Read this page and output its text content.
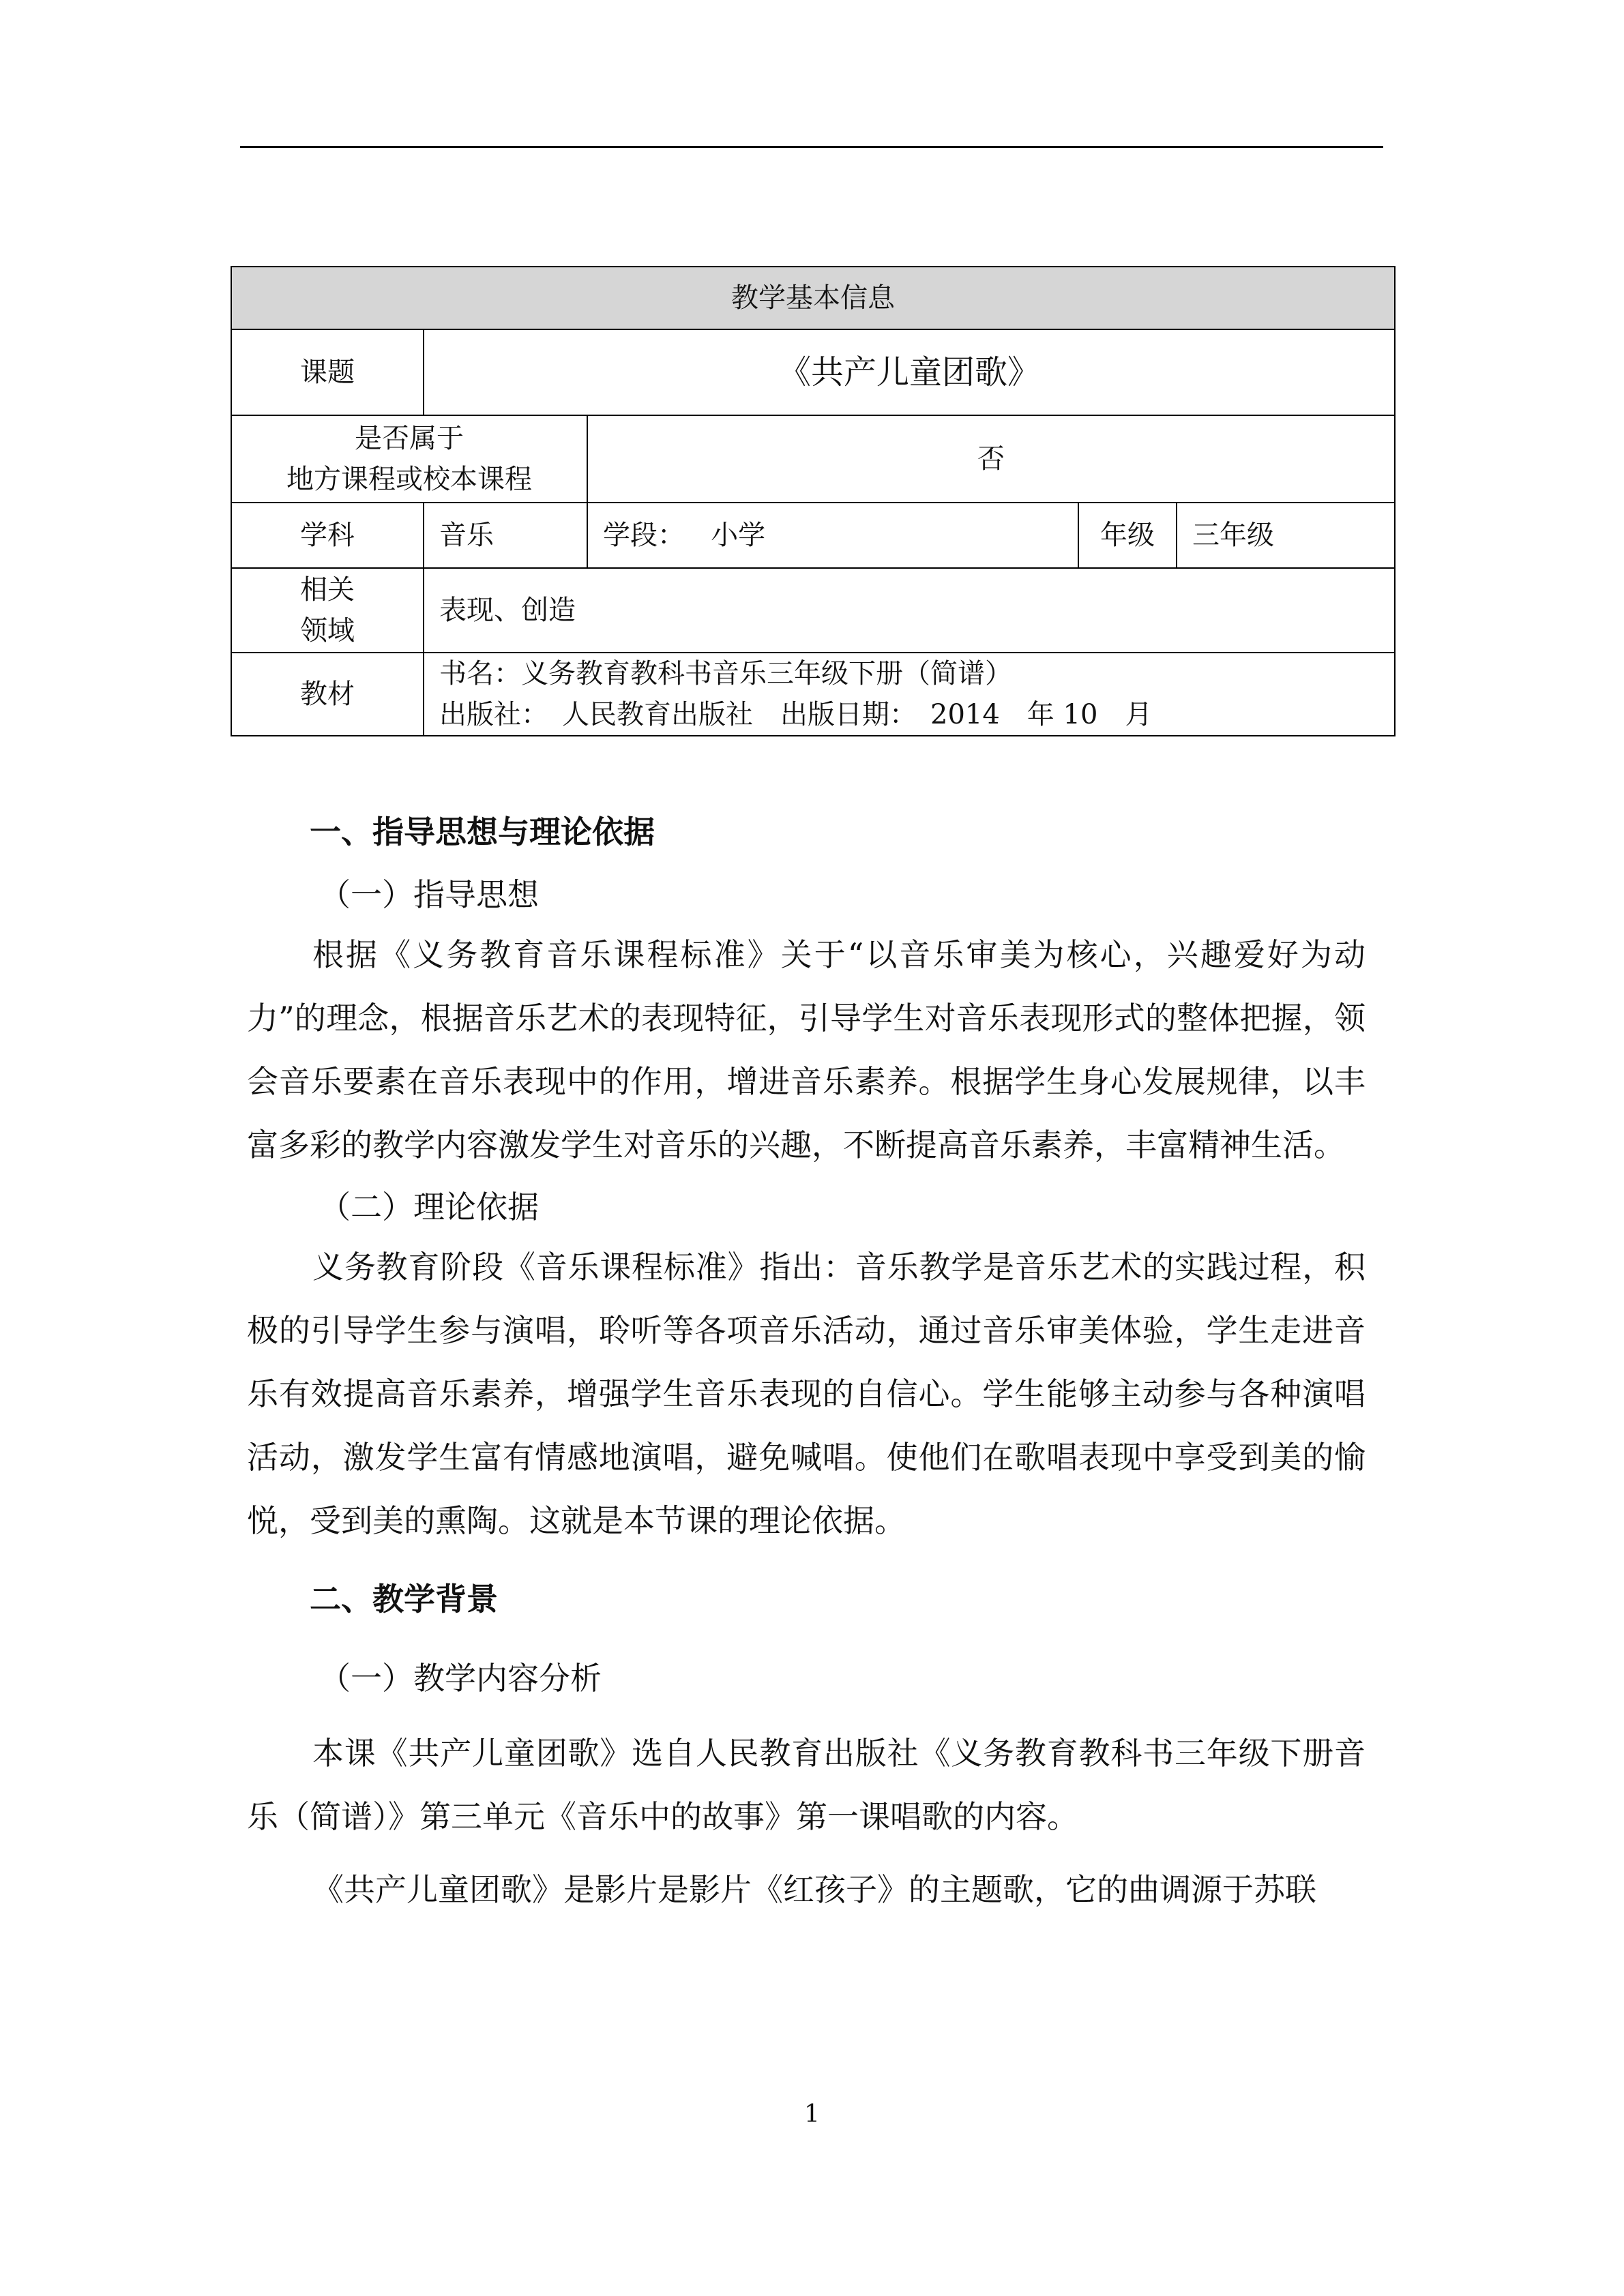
教学基本信息				
课题	《共产儿童团歌》			

是否属于
地方课程或校本课程		否		
学科	音乐	学段： 小学	年级	三年级

相关
领域	表现、创造			
教材	书名：义务教育教科书音乐三年级下册（简谱）
出版社：　人民教育出版社　出版日期：　2014　年 10　月			

一、指导思想与理论依据

（一）指导思想

根据《义务教育音乐课程标准》关于“以音乐审美为核心，兴趣爱好为动力”的理念，根据音乐艺术的表现特征，引导学生对音乐表现形式的整体把握，领会音乐要素在音乐表现中的作用，增进音乐素养。根据学生身心发展规律，以丰富多彩的教学内容激发学生对音乐的兴趣，不断提高音乐素养，丰富精神生活。

（二）理论依据

义务教育阶段《音乐课程标准》指出：音乐教学是音乐艺术的实践过程，积极的引导学生参与演唱，聆听等各项音乐活动，通过音乐审美体验，学生走进音乐有效提高音乐素养，增强学生音乐表现的自信心。学生能够主动参与各种演唱活动，激发学生富有情感地演唱，避免喊唱。使他们在歌唱表现中享受到美的愉悦，受到美的熏陶。这就是本节课的理论依据。

二、教学背景

（一）教学内容分析

本课《共产儿童团歌》选自人民教育出版社《义务教育教科书三年级下册音乐（简谱）》第三单元《音乐中的故事》第一课唱歌的内容。

《共产儿童团歌》是影片是影片《红孩子》的主题歌，它的曲调源于苏联

1
